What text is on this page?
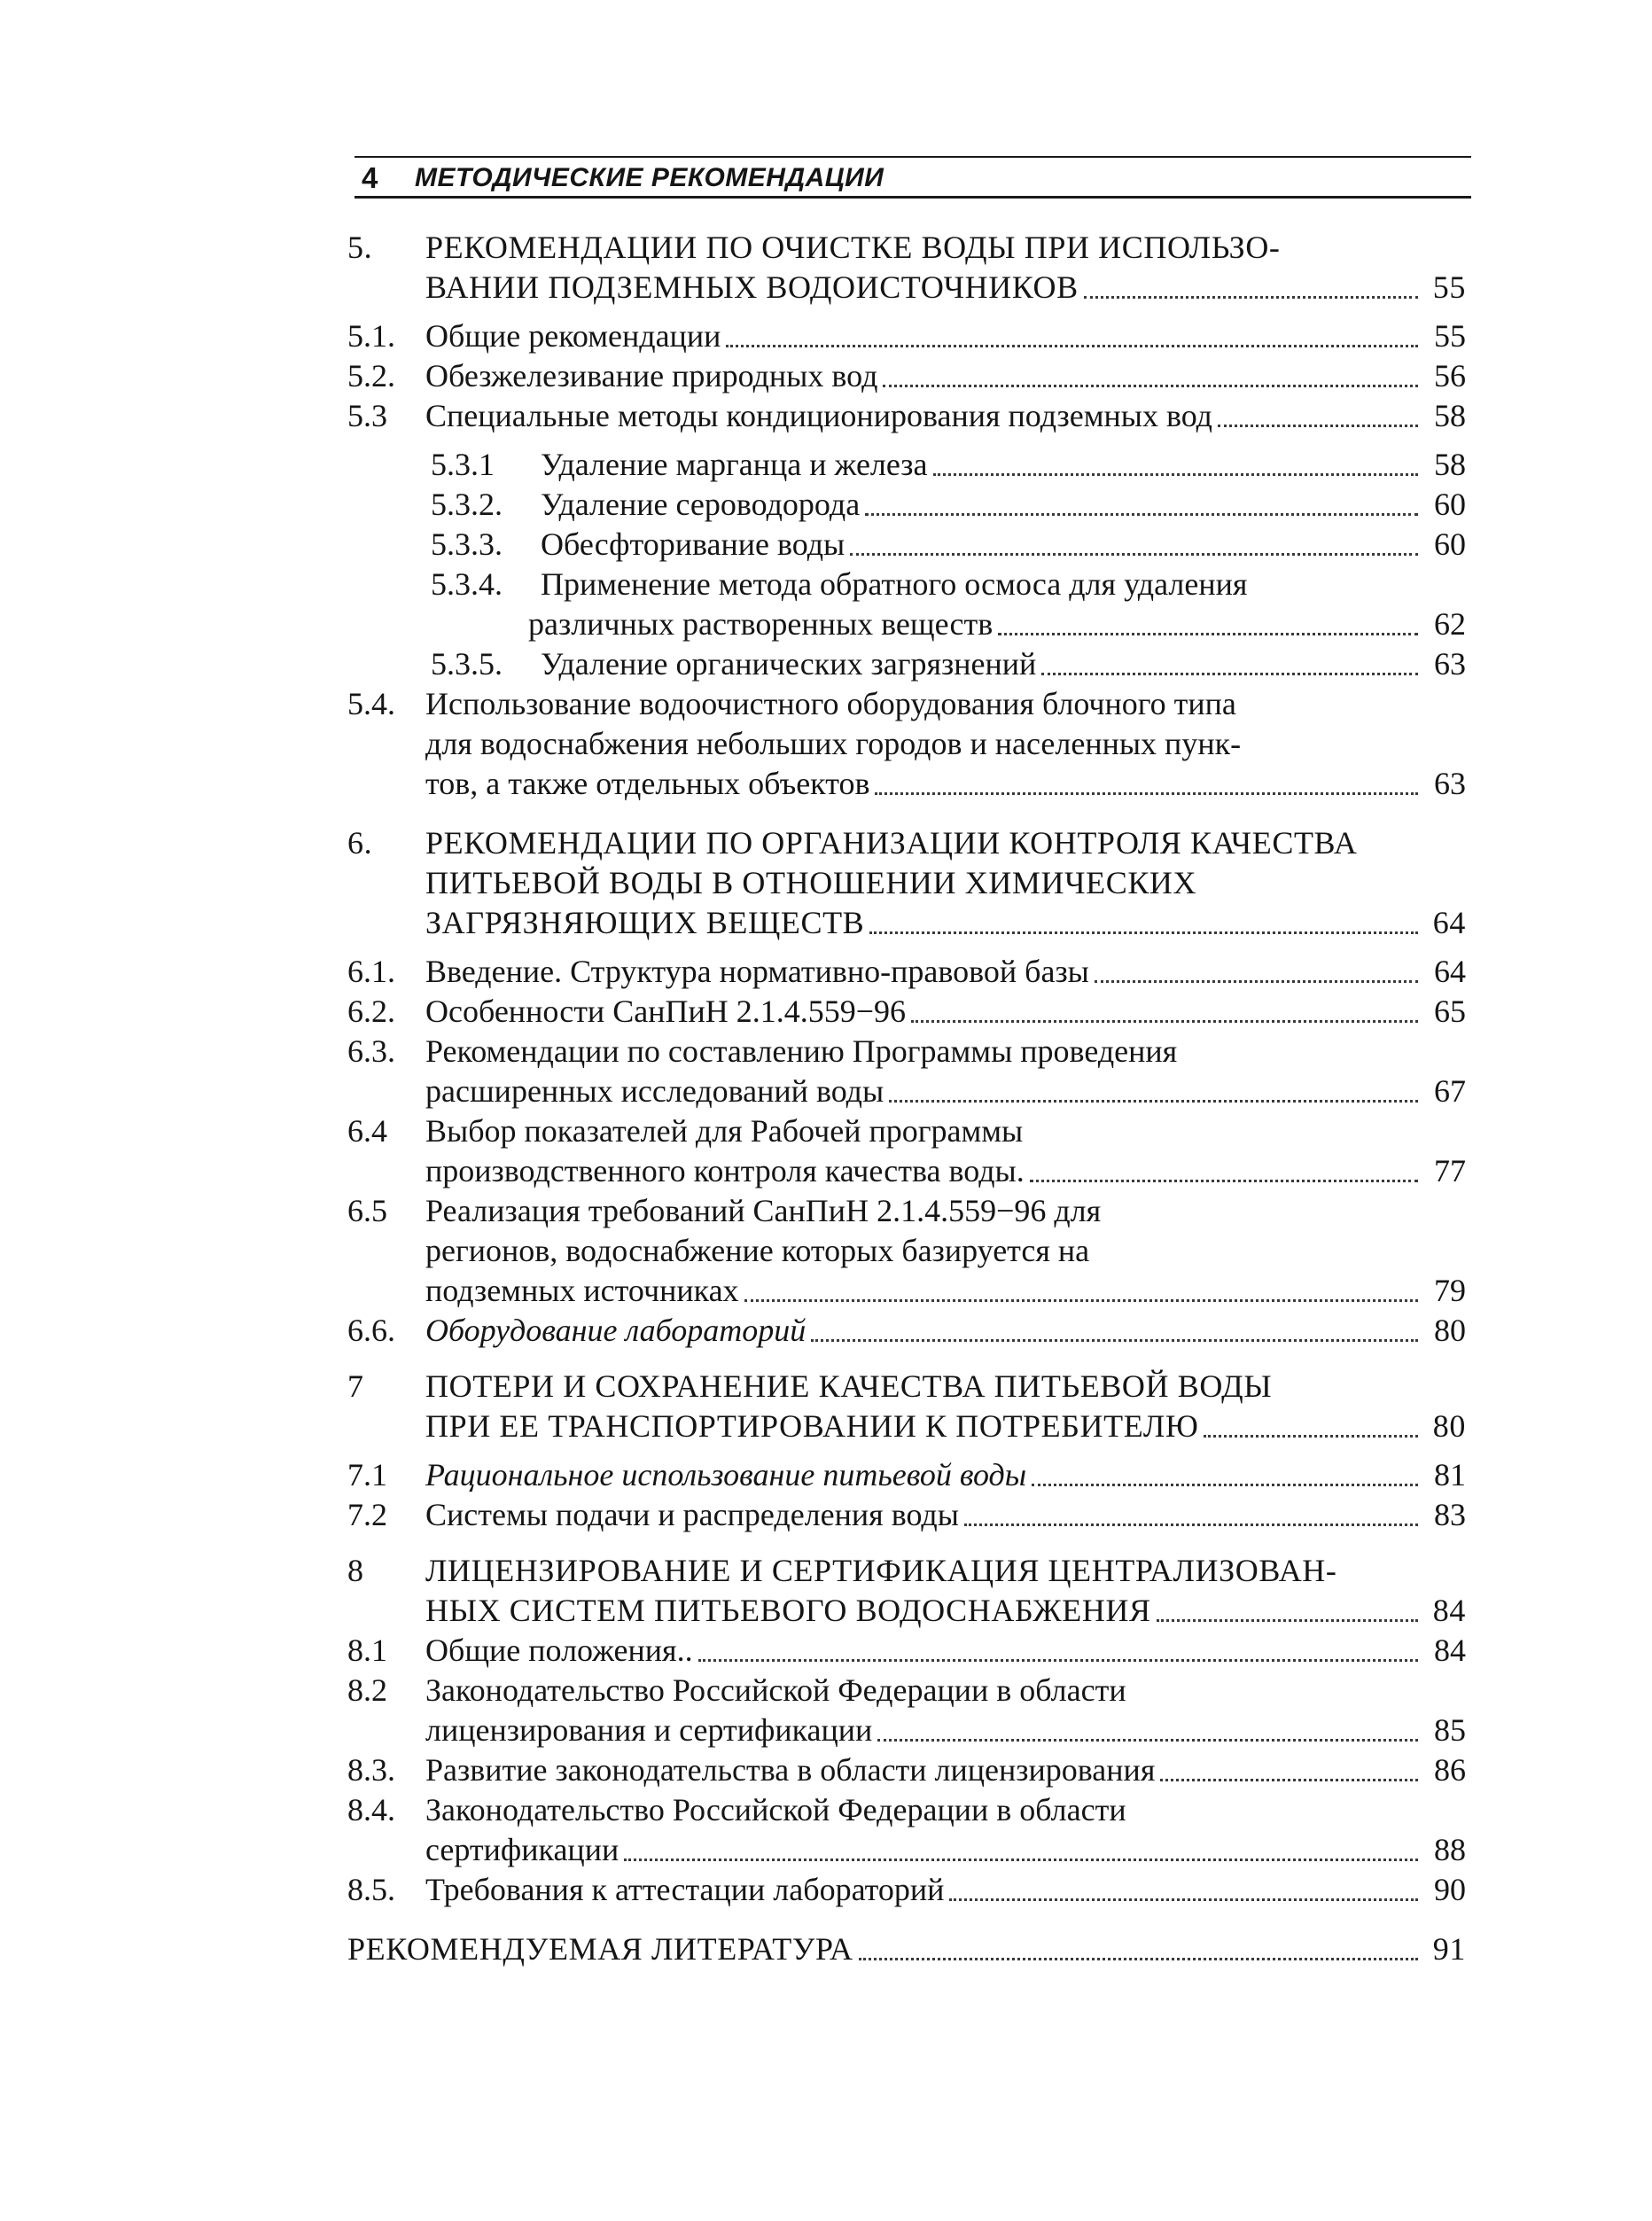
4 МЕТОДИЧЕСКИЕ РЕКОМЕНДАЦИИ
5.	РЕКОМЕНДАЦИИ ПО ОЧИСТКЕ ВОДЫ ПРИ ИСПОЛЬЗО-
ВАНИИ ПОДЗЕМНЫХ ВОДОИСТОЧНИКОВ	55
5.1. Общие рекомендации	55
5.2. Обезжелезивание природных вод	56
5.3	Специальные методы кондиционирования подземных вод	58
5.3.1	Удаление марганца и железа	58
5.3.2.	Удаление сероводорода	60
5.3.3.	Обесфторивание воды	60
5.3.4.	Применение метода обратного осмоса для удаления
различных растворенных веществ	62
5.3.5.	Удаление органических загрязнений	63
5.4. Использование водоочистного оборудования блочного типа
для водоснабжения небольших городов и населенных пунк-
тов, а также отдельных объектов	63
6.	РЕКОМЕНДАЦИИ ПО ОРГАНИЗАЦИИ КОНТРОЛЯ КАЧЕСТВА
ПИТЬЕВОЙ ВОДЫ В ОТНОШЕНИИ ХИМИЧЕСКИХ
ЗАГРЯЗНЯЮЩИХ ВЕЩЕСТВ	64
6.1. Введение. Структура нормативно-правовой базы	64
6.2. Особенности СанПиН 2.1.4.559−96	65
6.3. Рекомендации по составлению Программы проведения
расширенных исследований воды	67
6.4	Выбор показателей для Рабочей программы
производственного контроля качества воды.	77
6.5	Реализация требований СанПиН 2.1.4.559−96 для
регионов, водоснабжение которых базируется на
подземных источниках	79
6.6. Оборудование лабораторий	80
7	ПОТЕРИ И СОХРАНЕНИЕ КАЧЕСТВА ПИТЬЕВОЙ ВОДЫ
ПРИ ЕЕ ТРАНСПОРТИРОВАНИИ К ПОТРЕБИТЕЛЮ	80
7.1	Рациональное использование питьевой воды	81
7.2	Системы подачи и распределения воды	83
8	ЛИЦЕНЗИРОВАНИЕ И СЕРТИФИКАЦИЯ ЦЕНТРАЛИЗОВАН-
НЫХ СИСТЕМ ПИТЬЕВОГО ВОДОСНАБЖЕНИЯ	84
8.1	Общие положения..	84
8.2	Законодательство Российской Федерации в области
лицензирования и сертификации	85
8.3. Развитие законодательства в области лицензирования	86
8.4. Законодательство Российской Федерации в области
сертификации	88
8.5. Требования к аттестации лабораторий	90
РЕКОМЕНДУЕМАЯ ЛИТЕРАТУРА	91
